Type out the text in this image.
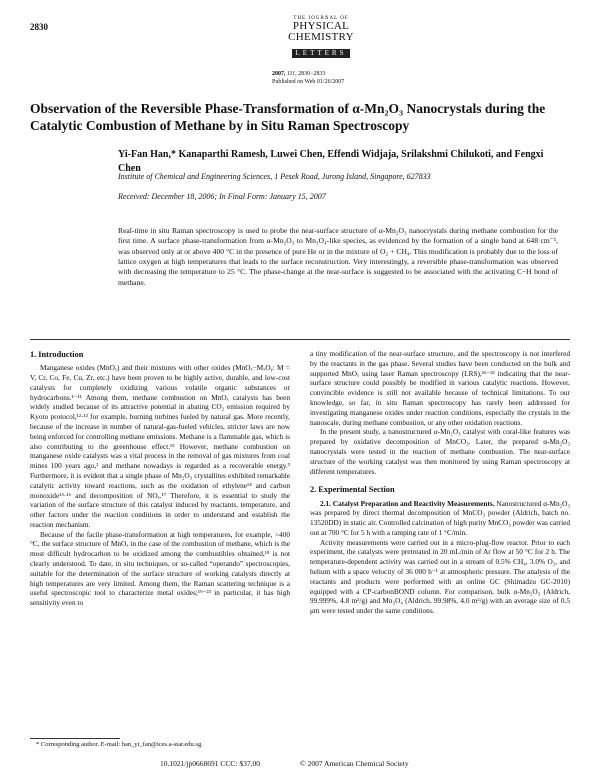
2830
THE JOURNAL OF
PHYSICAL
CHEMISTRY
LETTERS
2007, 111, 2830−2833
Published on Web 01/26/2007
Observation of the Reversible Phase-Transformation of α-Mn₂O₃ Nanocrystals during the Catalytic Combustion of Methane by in Situ Raman Spectroscopy
Yi-Fan Han,* Kanaparthi Ramesh, Luwei Chen, Effendi Widjaja, Srilakshmi Chilukoti, and Fengxi Chen
Institute of Chemical and Engineering Sciences, 1 Pesek Road, Jurong Island, Singapore, 627833
Received: December 18, 2006; In Final Form: January 15, 2007
Real-time in situ Raman spectroscopy is used to probe the near-surface structure of α-Mn₂O₃ nanocrystals during methane combustion for the first time. A surface phase-transformation from α-Mn₂O₃ to Mn₃O₄-like species, as evidenced by the formation of a single band at 648 cm⁻¹, was observed only at or above 400 °C in the presence of pure He or in the mixture of O₂ + CH₄. This modification is probably due to the loss of lattice oxygen at high temperatures that leads to the surface reconstruction. Very interestingly, a reversible phase-transformation was observed with decreasing the temperature to 25 °C. The phase-change at the near-surface is suggested to be associated with the activating C−H bond of methane.
1. Introduction

Manganese oxides (MnOₓ) and their mixtures with other oxides (MnOₓ−MₓOᵧ: M = V, Cr, Co, Fe, Cu, Zr, etc.) have been proven to be highly active, durable, and low-cost catalysts for completely oxidizing various volatile organic substances or hydrocarbons.¹⁻¹¹ Among them, methane combustion on MnOₓ catalysts has been widely studied because of its attractive potential in abating CO₂ emission required by Kyoto protocol,¹²·¹³ for example, burning turbines fueled by natural gas. More recently, because of the increase in number of natural-gas-fueled vehicles, stricter laws are now being enforced for controlling methane emissions. Methane is a flammable gas, which is also contributing to the greenhouse effect.¹³ However, methane combustion on manganese oxide catalysts was a vital process in the removal of gas mixtures from coal mines 100 years ago,² and methane nowadays is regarded as a recoverable energy.³ Furthermore, it is evident that a single phase of Mn₂O₃ crystallites exhibited remarkable catalytic activity toward reactions, such as the oxidation of ethylene¹⁴ and carbon monoxide¹⁵·¹⁶ and decomposition of NOₓ.¹⁷ Therefore, it is essential to study the variation of the surface structure of this catalyst induced by reactants, temperature, and other factors under the reaction conditions in order to understand and establish the reaction mechanism.

Because of the facile phase-transformation at high temperatures, for example, >400 °C, the surface structure of MnOₓ in the case of the combustion of methane, which is the most difficult hydrocarbon to be oxidized among the combustibles obtained,¹⁸ is not clearly understood. To date, in situ techniques, or so-called “operando” spectroscopies, suitable for the determination of the surface structure of working catalysts directly at high temperatures are very limited. Among them, the Raman scattering technique is a useful spectroscopic tool to characterize metal oxides;¹⁹⁻²³ in particular, it has high sensitivity even to

a tiny modification of the near-surface structure, and the spectroscopy is not interfered by the reactants in the gas phase. Several studies have been conducted on the bulk and supported MnOₓ using laser Raman spectroscopy (LRS),²⁶⁻³² indicating that the near-surface structure could possibly be modified in various catalytic reactions. However, convincible evidence is still not available because of technical limitations. To our knowledge, so far, in situ Raman spectroscopy has rarely been addressed for investigating manganese oxides under reaction conditions, especially the crystals in the nanoscale, during methane combustion, or any other oxidation reactions.

In the present study, a nanostructured α-Mn₂O₃ catalyst with coral-like features was prepared by oxidative decomposition of MnCO₃. Later, the prepared α-Mn₂O₃ nanocrystals were tested in the reaction of methane combustion. The near-surface structure of the working catalyst was then monitored by using Raman spectroscopy at different temperatures.

2. Experimental Section

2.1. Catalyst Preparation and Reactivity Measurements. Nanostructured α-Mn₂O₃ was prepared by direct thermal decomposition of MnCO₃ powder (Aldrich, batch no. 13520DD) in static air. Controlled calcination of high purity MnCO₃ powder was carried out at 700 °C for 5 h with a ramping rate of 1 °C/min.

Activity measurements were carried out in a micro-plug-flow reactor. Prior to each experiment, the catalysts were pretreated in 20 mL/min of Ar flow at 50 °C for 2 h. The temperature-dependent activity was carried out in a stream of 0.5% CH₄, 3.0% O₂, and helium with a space velocity of 36 000 h⁻¹ at atmospheric pressure. The analysis of the reactants and products were performed with an online GC (Shimadzu GC-2010) equipped with a CP-carbonBOND column. For comparison, bulk α-Mn₂O₃ (Aldrich, 99.999%, 4.8 m²/g) and Mn₃O₄ (Aldrich, 99.98%, 4.0 m²/g) with an average size of 0.5 μm were tested under the same conditions.

* Corresponding author. E-mail: han_yi_fan@ices.a-star.edu.sg.
10.1021/jp0668691 CCC: $37.00	© 2007 American Chemical Society
